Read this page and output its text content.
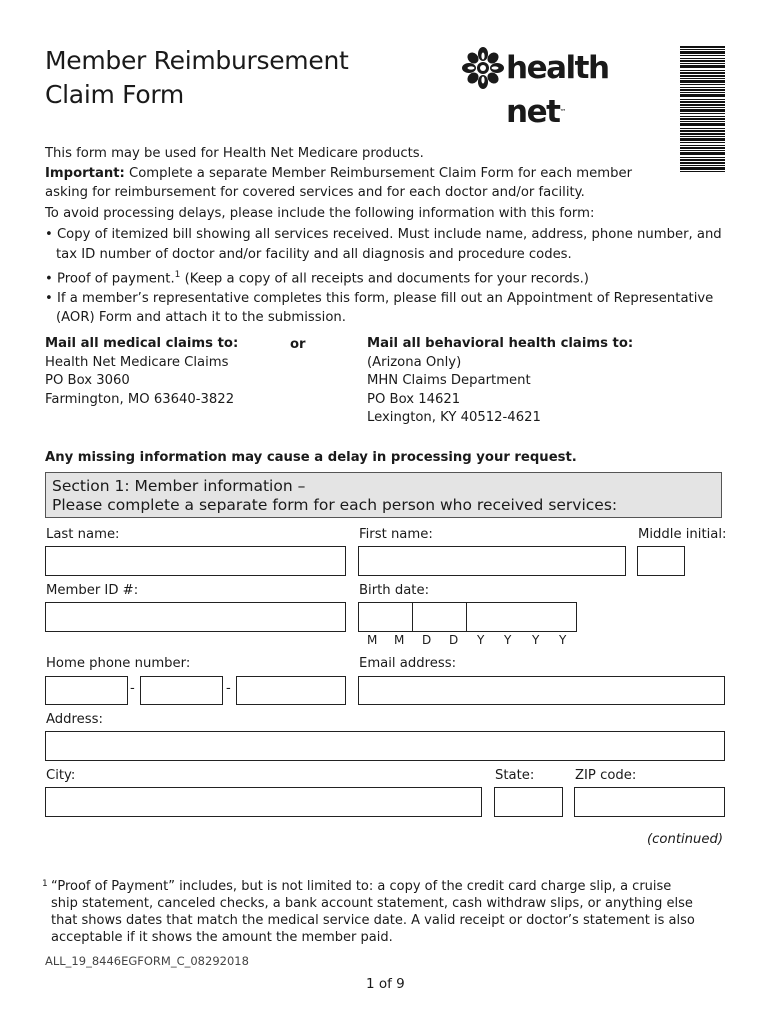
Member Reimbursement
Claim Form
health net™
This form may be used for Health Net Medicare products.
Important: Complete a separate Member Reimbursement Claim Form for each member
asking for reimbursement for covered services and for each doctor and/or facility.
To avoid processing delays, please include the following information with this form:
• Copy of itemized bill showing all services received. Must include name, address, phone number, and
tax ID number of doctor and/or facility and all diagnosis and procedure codes.
• Proof of payment.$^1$ (Keep a copy of all receipts and documents for your records.)
• If a member’s representative completes this form, please fill out an Appointment of Representative
(AOR) Form and attach it to the submission.
Mail all medical claims to:
Health Net Medicare Claims
PO Box 3060
Farmington, MO 63640-3822
or	Mail all behavioral health claims to:
(Arizona Only)
MHN Claims Department
PO Box 14621
Lexington, KY 40512-4621
Any missing information may cause a delay in processing your request.
Section 1: Member information –
Please complete a separate form for each person who received services:
Last name:	First name:	Middle initial:
Member ID #:	Birth date:
M M D D Y Y Y Y
Home phone number:	Email address:
-	-
Address:
City:	State:	ZIP code:
(continued)
1 “Proof of Payment” includes, but is not limited to: a copy of the credit card charge slip, a cruise
ship statement, canceled checks, a bank account statement, cash withdraw slips, or anything else
that shows dates that match the medical service date. A valid receipt or doctor’s statement is also
acceptable if it shows the amount the member paid.
ALL_19_8446EGFORM_C_08292018
1 of 9
